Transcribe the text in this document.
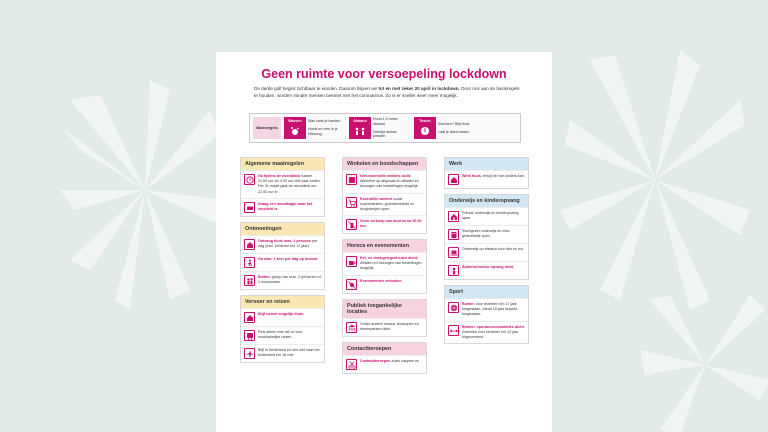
Geen ruimte voor versoepeling lockdown

De derde golf begint zichtbaar te worden. Daarom blijven we tot en met zeker 20 april in lockdown. Door ons aan de basisregels te houden, worden minder mensen besmet met het coronavirus. Zo is er sneller weer meer mogelijk.

Basisregels
Wassen	Was vaak je handen.
Hoest en nies in je elleboog.
Afstand
Houd 1,5 meter afstand.
Vermijd drukke plekken.
Testen
Klachten? Blijf thuis.
Laat je direct testen.
Algemene maatregelen
Ga tijdens de avondklok tussen 21.00 uur en 4.30 uur niet naar buiten. Per 31 maart gaat de avondklok om 22.00 uur in.
Draag een mondkapje waar het verplicht is.
Ontmoetingen
Ontvang thuis max. 1 persoon per dag (excl. kinderen t/m 12 jaar).
Ga max. 1 keer per dag op bezoek.
Buiten: groep van max. 2 personen of 1 huishouden.
Vervoer en reizen
Blijf zoveel mogelijk thuis.
Reis alleen met het ov voor noodzakelijke reizen.
Blijf in Nederland en reis niet naar het buitenland t/m 15 mei.
Winkelen en boodschappen
Niet-essentiële winkels dicht. Winkelen op afspraak en afhalen en bezorgen van bestellingen mogelijk.
Essentiële winkels zoals supermarkten, groentewinkels en drogisterijen open.
Geen verkoop van alcohol na 20.00 uur.
Horeca en evenementen
Eet- en drinkgelegenheden dicht. Afhalen en bezorgen van bestellingen mogelijk.
Evenementen verboden
Publiek toegankelijke locaties
Onder andere musea, bioscopen en dierenparken dicht.
Contactberoepen
Contactberoepen zoals kappers en
Werk
Werk thuis, tenzij het niet anders kan.
Onderwijs en kinderopvang
Primair onderwijs en kinderopvang open.
Voortgezet onderwijs en mbo gedeeltelijk open.
Onderwijs op afstand voor hbo en wo.
Buitenschoolse opvang dicht
Sport
Buiten: voor iedereen t/m 17 jaar toegestaan. Vanaf 18 jaar beperkt toegestaan.
Binnen: sportaccommodaties dicht. Zwemles voor kinderen t/m 12 jaar uitgezonderd.
